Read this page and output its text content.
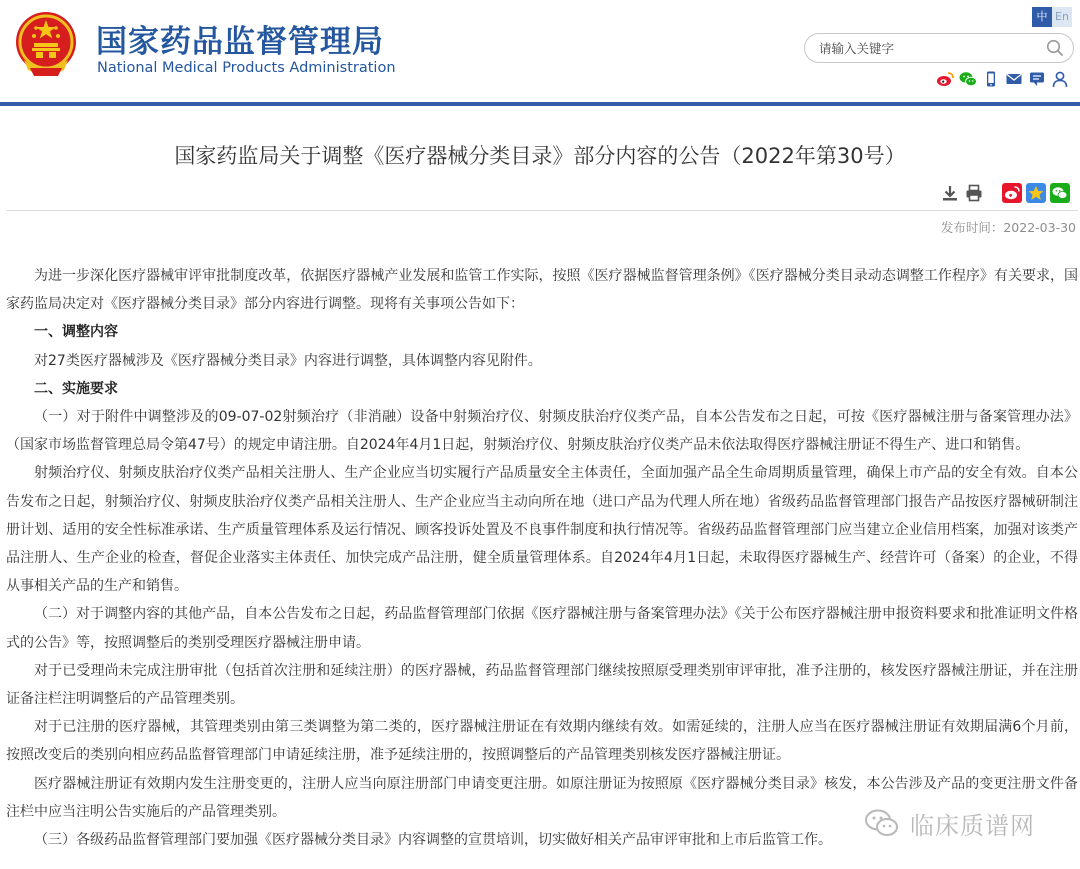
国家药品监督管理局
National Medical Products Administration
中 En
请输入关键字
国家药监局关于调整《医疗器械分类目录》部分内容的公告（2022年第30号）
发布时间：2022-03-30

为进一步深化医疗器械审评审批制度改革，依据医疗器械产业发展和监管工作实际，按照《医疗器械监督管理条例》《医疗器械分类目录动态调整工作程序》有关要求，国家药监局决定对《医疗器械分类目录》部分内容进行调整。现将有关事项公告如下：

一、调整内容

对27类医疗器械涉及《医疗器械分类目录》内容进行调整，具体调整内容见附件。

二、实施要求

（一）对于附件中调整涉及的09-07-02射频治疗（非消融）设备中射频治疗仪、射频皮肤治疗仪类产品，自本公告发布之日起，可按《医疗器械注册与备案管理办法》（国家市场监督管理总局令第47号）的规定申请注册。自2024年4月1日起，射频治疗仪、射频皮肤治疗仪类产品未依法取得医疗器械注册证不得生产、进口和销售。

射频治疗仪、射频皮肤治疗仪类产品相关注册人、生产企业应当切实履行产品质量安全主体责任，全面加强产品全生命周期质量管理，确保上市产品的安全有效。自本公告发布之日起，射频治疗仪、射频皮肤治疗仪类产品相关注册人、生产企业应当主动向所在地（进口产品为代理人所在地）省级药品监督管理部门报告产品按医疗器械研制注册计划、适用的安全性标准承诺、生产质量管理体系及运行情况、顾客投诉处置及不良事件制度和执行情况等。省级药品监督管理部门应当建立企业信用档案，加强对该类产品注册人、生产企业的检查，督促企业落实主体责任、加快完成产品注册，健全质量管理体系。自2024年4月1日起，未取得医疗器械生产、经营许可（备案）的企业，不得从事相关产品的生产和销售。

（二）对于调整内容的其他产品，自本公告发布之日起，药品监督管理部门依据《医疗器械注册与备案管理办法》《关于公布医疗器械注册申报资料要求和批准证明文件格式的公告》等，按照调整后的类别受理医疗器械注册申请。

对于已受理尚未完成注册审批（包括首次注册和延续注册）的医疗器械，药品监督管理部门继续按照原受理类别审评审批，准予注册的，核发医疗器械注册证，并在注册证备注栏注明调整后的产品管理类别。

对于已注册的医疗器械，其管理类别由第三类调整为第二类的，医疗器械注册证在有效期内继续有效。如需延续的，注册人应当在医疗器械注册证有效期届满6个月前，按照改变后的类别向相应药品监督管理部门申请延续注册，准予延续注册的，按照调整后的产品管理类别核发医疗器械注册证。

医疗器械注册证有效期内发生注册变更的，注册人应当向原注册部门申请变更注册。如原注册证为按照原《医疗器械分类目录》核发，本公告涉及产品的变更注册文件备注栏中应当注明公告实施后的产品管理类别。

（三）各级药品监督管理部门要加强《医疗器械分类目录》内容调整的宣贯培训，切实做好相关产品审评审批和上市后监管工作。

临床质谱网
